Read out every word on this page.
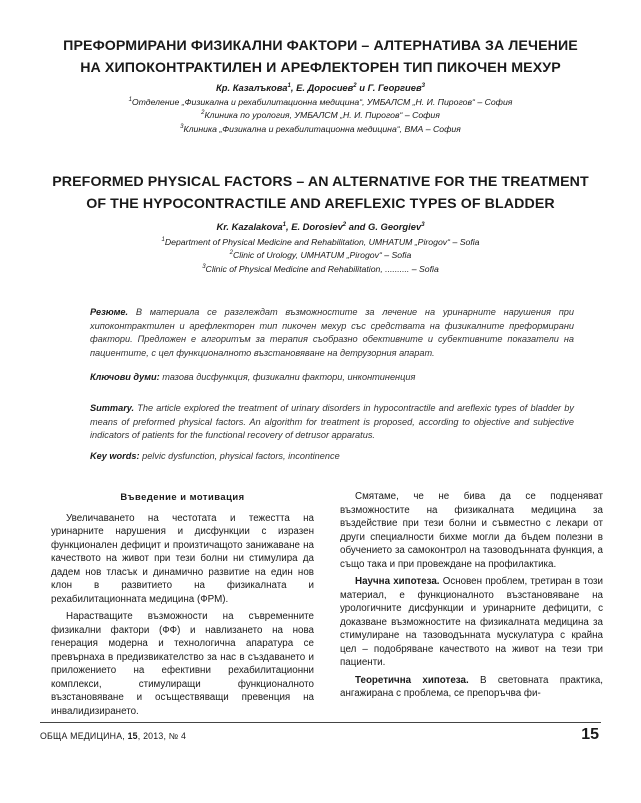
ПРЕФОРМИРАНИ ФИЗИКАЛНИ ФАКТОРИ – АЛТЕРНАТИВА ЗА ЛЕЧЕНИЕ
НА ХИПОКОНТРАКТИЛЕН И АРЕФЛЕКТОРЕН ТИП ПИКОЧЕН МЕХУР
Кр. Казалъкова$^1$, Е. Доросиев$^2$ и Г. Георгиев$^3$
$^1$Отделение „Физикална и рехабилитационна медицина“, УМБАЛСМ „Н. И. Пирогов“ – София
$^2$Клиника по урология, УМБАЛСМ „Н. И. Пирогов“ – София
$^3$Клиника „Физикална и рехабилитационна медицина“, ВМА – София
PREFORMED PHYSICAL FACTORS – AN ALTERNATIVE FOR THE TREATMENT
OF THE HYPOCONTRACTILE AND AREFLEXIC TYPES OF BLADDER
Kr. Kazalakova$^1$, E. Dorosiev$^2$ and G. Georgiev$^3$
$^1$Department of Physical Medicine and Rehabilitation, UMHATUM „Pirogov“ – Sofia
$^2$Clinic of Urology, UMHATUM „Pirogov“ – Sofia
$^3$Clinic of Physical Medicine and Rehabilitation, .......... – Sofia
Резюме. В материала се разглеждат възможностите за лечение на уринарните нарушения при хипоконтрактилен и арефлекторен тип пикочен мехур със средствата на физикалните преформирани фактори. Предложен е алгоритъм за терапия съобразно обективните и субективните показатели на пациентите, с цел функционалното възстановяване на детрузорния апарат.
Ключови думи: тазова дисфункция, физикални фактори, инконтиненция
Summary. The article explored the treatment of urinary disorders in hypocontractile and areflexic types of bladder by means of preformed physical factors. An algorithm for treatment is proposed, according to objective and subjective indicators of patients for the functional recovery of detrusor apparatus.
Key words: pelvic dysfunction, physical factors, incontinence
Въведение и мотивация

Увеличаването на честотата и тежестта на уринарните нарушения и дисфункции с изразен функционален дефицит и произтичащото занижаване на качеството на живот при тези болни ни стимулира да дадем нов тласък и динамично развитие на един нов клон в развитието на физикалната и рехабилитационната медицина (ФРМ).

Нарастващите възможности на съвременните физикални фактори (ФФ) и навлизането на нова генерация модерна и технологична апаратура се превърнаха в предизвикателство за нас в създаването и приложението на ефективни рехабилитационни комплекси, стимулиращи функционалното възстановяване и осъществяващи превенция на инвалидизирането.

Смятаме, че не бива да се подценяват възможностите на физикалната медицина за въздействие при тези болни и съвместно с лекари от други специалности бихме могли да бъдем полезни в обучението за самоконтрол на тазоводънната функция, а също така и при провеждане на профилактика.

Научна хипотеза. Основен проблем, третиран в този материал, е функционалното възстановяване на урологичните дисфункции и уринарните дефицити, с доказване възможностите на физикалната медицина за стимулиране на тазоводънната мускулатура с крайна цел – подобряване качеството на живот на тези три пациенти.

Теоретична хипотеза. В световната практика, ангажирана с проблема, се препоръчва фи-

ОБЩА МЕДИЦИНА, 15, 2013, № 4	15
